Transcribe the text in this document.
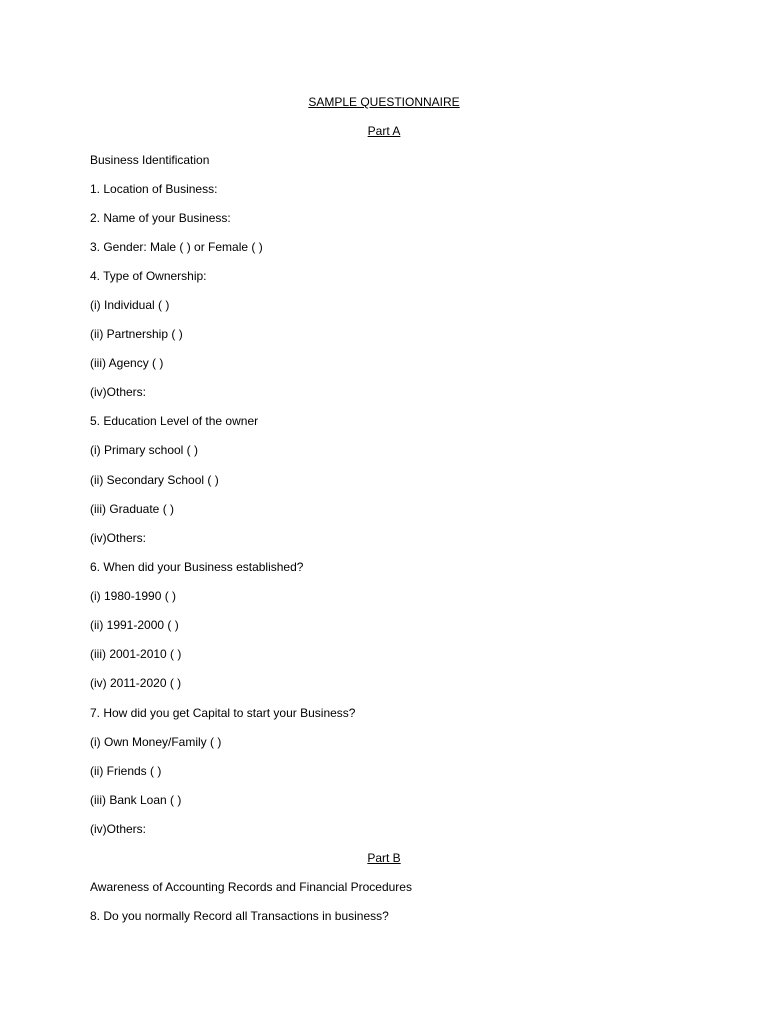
SAMPLE QUESTIONNAIRE
Part A
Business Identification
1. Location of Business:
2. Name of your Business:
3. Gender: Male ( ) or Female ( )
4. Type of Ownership:
(i) Individual ( )
(ii) Partnership ( )
(iii) Agency ( )
(iv)Others:
5. Education Level of the owner
(i) Primary school ( )
(ii) Secondary School ( )
(iii) Graduate ( )
(iv)Others:
6. When did your Business established?
(i) 1980-1990 ( )
(ii) 1991-2000 ( )
(iii) 2001-2010 ( )
(iv) 2011-2020 ( )
7. How did you get Capital to start your Business?
(i) Own Money/Family ( )
(ii) Friends ( )
(iii) Bank Loan ( )
(iv)Others:
Part B
Awareness of Accounting Records and Financial Procedures
8. Do you normally Record all Transactions in business?
